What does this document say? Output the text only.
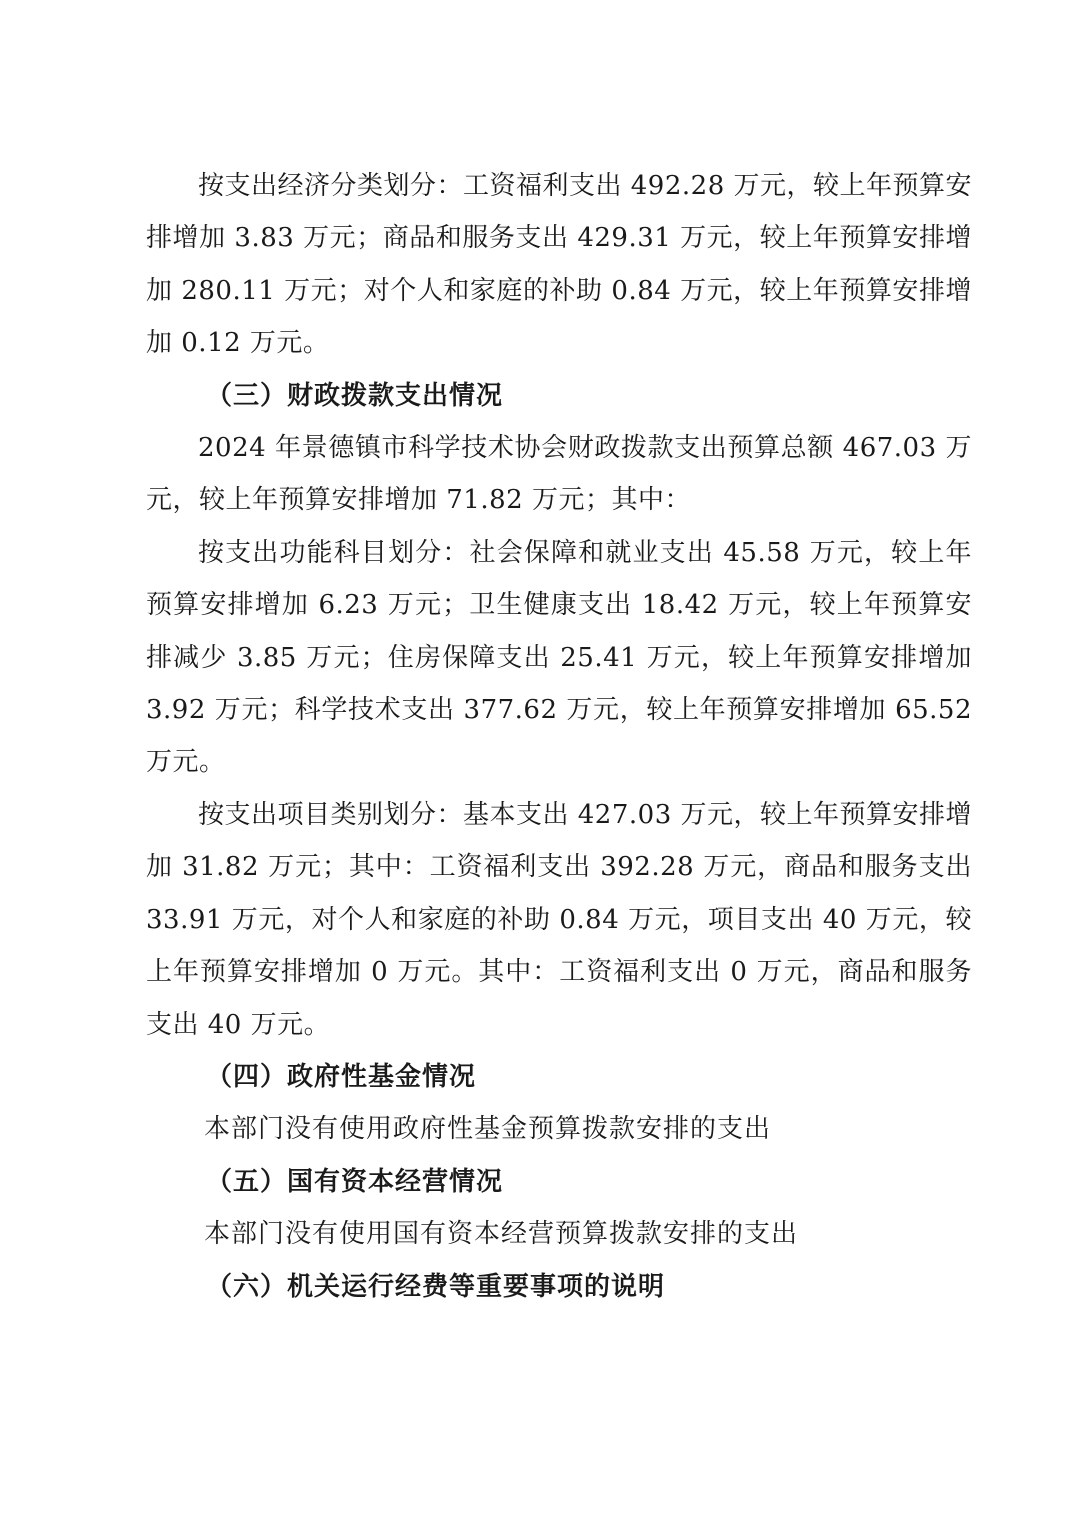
按支出经济分类划分：工资福利支出 492.28 万元，较上年预算安排增加 3.83 万元；商品和服务支出 429.31 万元，较上年预算安排增加 280.11 万元；对个人和家庭的补助 0.84 万元，较上年预算安排增加 0.12 万元。

（三）财政拨款支出情况

2024 年景德镇市科学技术协会财政拨款支出预算总额 467.03 万元，较上年预算安排增加 71.82 万元；其中：

按支出功能科目划分：社会保障和就业支出 45.58 万元，较上年预算安排增加 6.23 万元；卫生健康支出 18.42 万元，较上年预算安排减少 3.85 万元；住房保障支出 25.41 万元，较上年预算安排增加 3.92 万元；科学技术支出 377.62 万元，较上年预算安排增加 65.52 万元。

按支出项目类别划分：基本支出 427.03 万元，较上年预算安排增加 31.82 万元；其中：工资福利支出 392.28 万元，商品和服务支出 33.91 万元，对个人和家庭的补助 0.84 万元，项目支出 40 万元，较上年预算安排增加 0 万元。其中：工资福利支出 0 万元，商品和服务支出 40 万元。

（四）政府性基金情况

本部门没有使用政府性基金预算拨款安排的支出

（五）国有资本经营情况

本部门没有使用国有资本经营预算拨款安排的支出

（六）机关运行经费等重要事项的说明
